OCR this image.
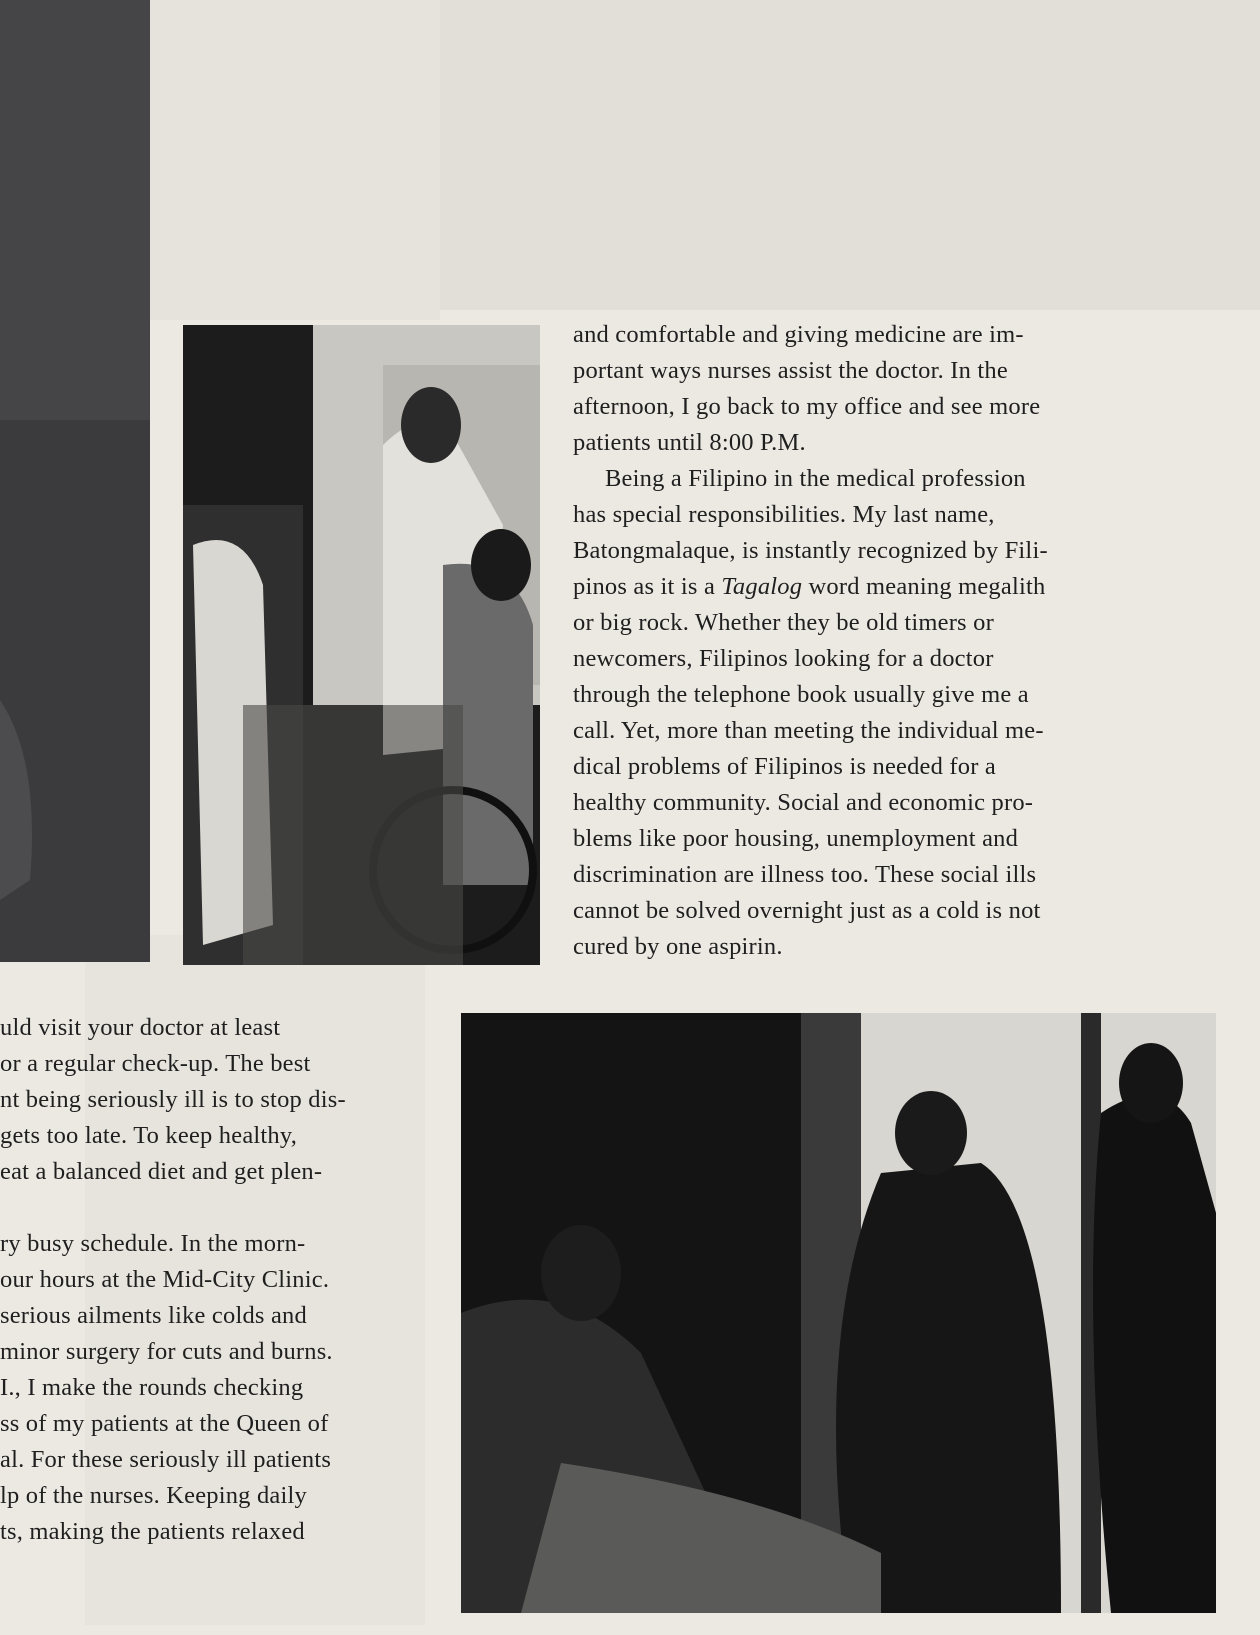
and comfortable and giving medicine are im-
portant ways nurses assist the doctor. In the
afternoon, I go back to my office and see more
patients until 8:00 P.M.
Being a Filipino in the medical profession
has special responsibilities. My last name,
Batongmalaque, is instantly recognized by Fili-
pinos as it is a Tagalog word meaning megalith
or big rock. Whether they be old timers or
newcomers, Filipinos looking for a doctor
through the telephone book usually give me a
call. Yet, more than meeting the individual me-
dical problems of Filipinos is needed for a
healthy community. Social and economic pro-
blems like poor housing, unemployment and
discrimination are illness too. These social ills
cannot be solved overnight just as a cold is not
cured by one aspirin.
uld visit your doctor at least
or a regular check-up. The best
nt being seriously ill is to stop dis-
gets too late. To keep healthy,
eat a balanced diet and get plen-
ry busy schedule. In the morn-
our hours at the Mid-City Clinic.
serious ailments like colds and
minor surgery for cuts and burns.
I., I make the rounds checking
ss of my patients at the Queen of
al. For these seriously ill patients
lp of the nurses. Keeping daily
ts, making the patients relaxed
